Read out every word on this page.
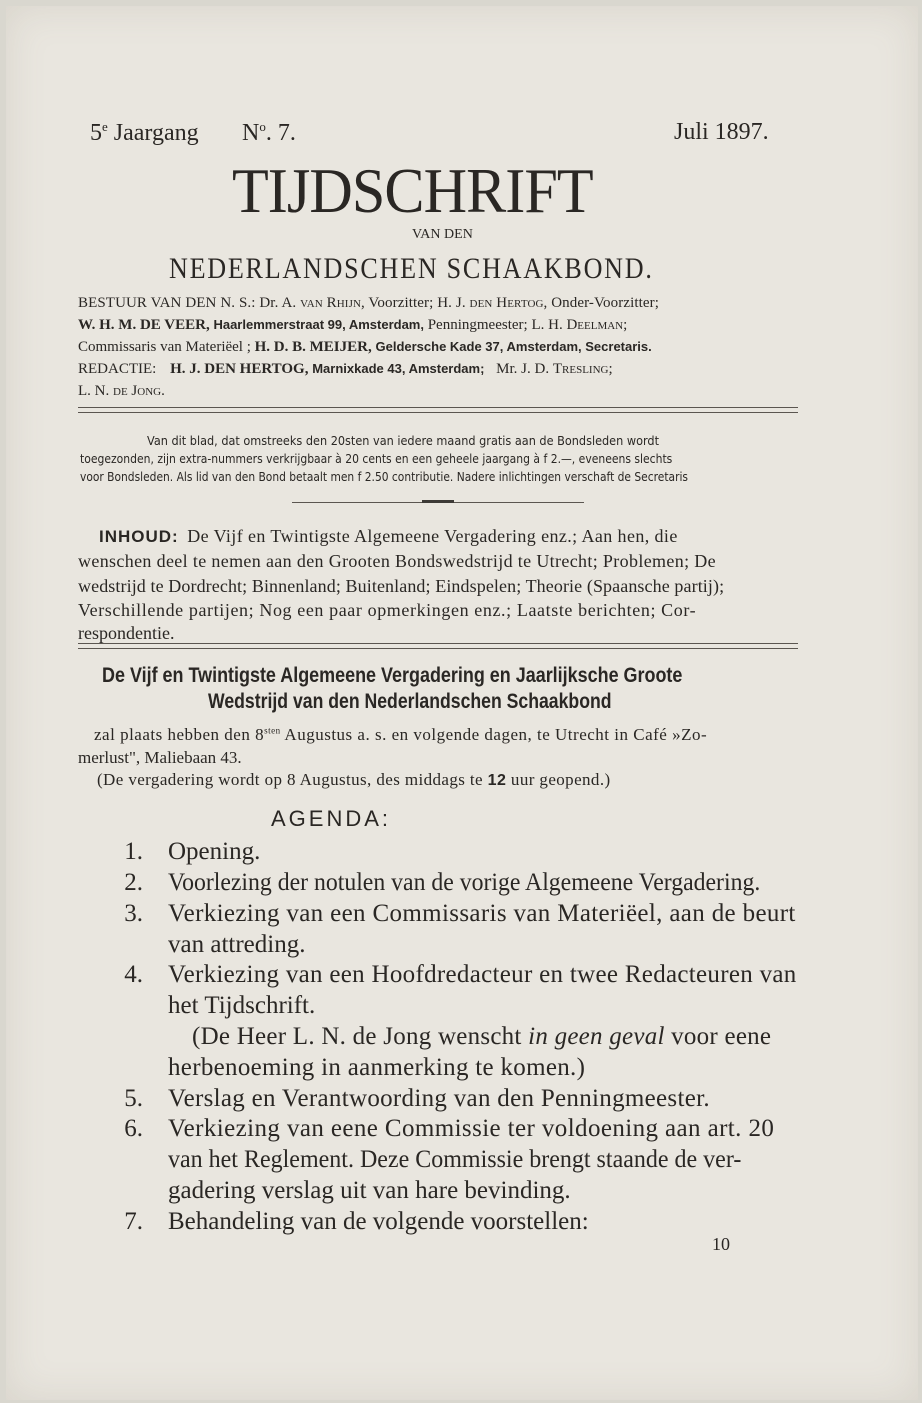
5e Jaargang $N^o$. 7.	Juli 1897.
TIJDSCHRIFT
VAN DEN
NEDERLANDSCHEN SCHAAKBOND.
BESTUUR VAN DEN N. S.: Dr. A. van Rhijn, Voorzitter; H. J. den Hertog, Onder-Voorzitter;
W. H. M. DE VEER, Haarlemmerstraat 99, Amsterdam, Penningmeester; L. H. Deelman;
Commissaris van Materiëel ; H. D. B. MEIJER, Geldersche Kade 37, Amsterdam, Secretaris.
REDACTIE: H. J. DEN HERTOG, Marnixkade 43, Amsterdam; Mr. J. D. Tresling;
L. N. de Jong.
Van dit blad, dat omstreeks den 20sten van iedere maand gratis aan de Bondsleden wordt
toegezonden, zijn extra-nummers verkrijgbaar à 20 cents en een geheele jaargang à f 2.—, eveneens slechts
voor Bondsleden. Als lid van den Bond betaalt men f 2.50 contributie. Nadere inlichtingen verschaft de Secretaris
INHOUD: De Vijf en Twintigste Algemeene Vergadering enz.; Aan hen, die
wenschen deel te nemen aan den Grooten Bondswedstrijd te Utrecht; Problemen; De
wedstrijd te Dordrecht; Binnenland; Buitenland; Eindspelen; Theorie (Spaansche partij);
Verschillende partijen; Nog een paar opmerkingen enz.; Laatste berichten; Cor-
respondentie.
De Vijf en Twintigste Algemeene Vergadering en Jaarlijksche Groote
Wedstrijd van den Nederlandschen Schaakbond
zal plaats hebben den $8^{sten}$ Augustus a. s. en volgende dagen, te Utrecht in Café »Zo-
merlust", Maliebaan 43.
(De vergadering wordt op 8 Augustus, des middags te 12 uur geopend.)
AGENDA:
1. Opening.
2. Voorlezing der notulen van de vorige Algemeene Vergadering.
3. Verkiezing van een Commissaris van Materiëel, aan de beurt
van attreding.
4. Verkiezing van een Hoofdredacteur en twee Redacteuren van
het Tijdschrift.
(De Heer L. N. de Jong wenscht in geen geval voor eene
herbenoeming in aanmerking te komen.)
5. Verslag en Verantwoording van den Penningmeester.
6. Verkiezing van eene Commissie ter voldoening aan art. 20
van het Reglement. Deze Commissie brengt staande de ver-
gadering verslag uit van hare bevinding.
7. Behandeling van de volgende voorstellen:
10
